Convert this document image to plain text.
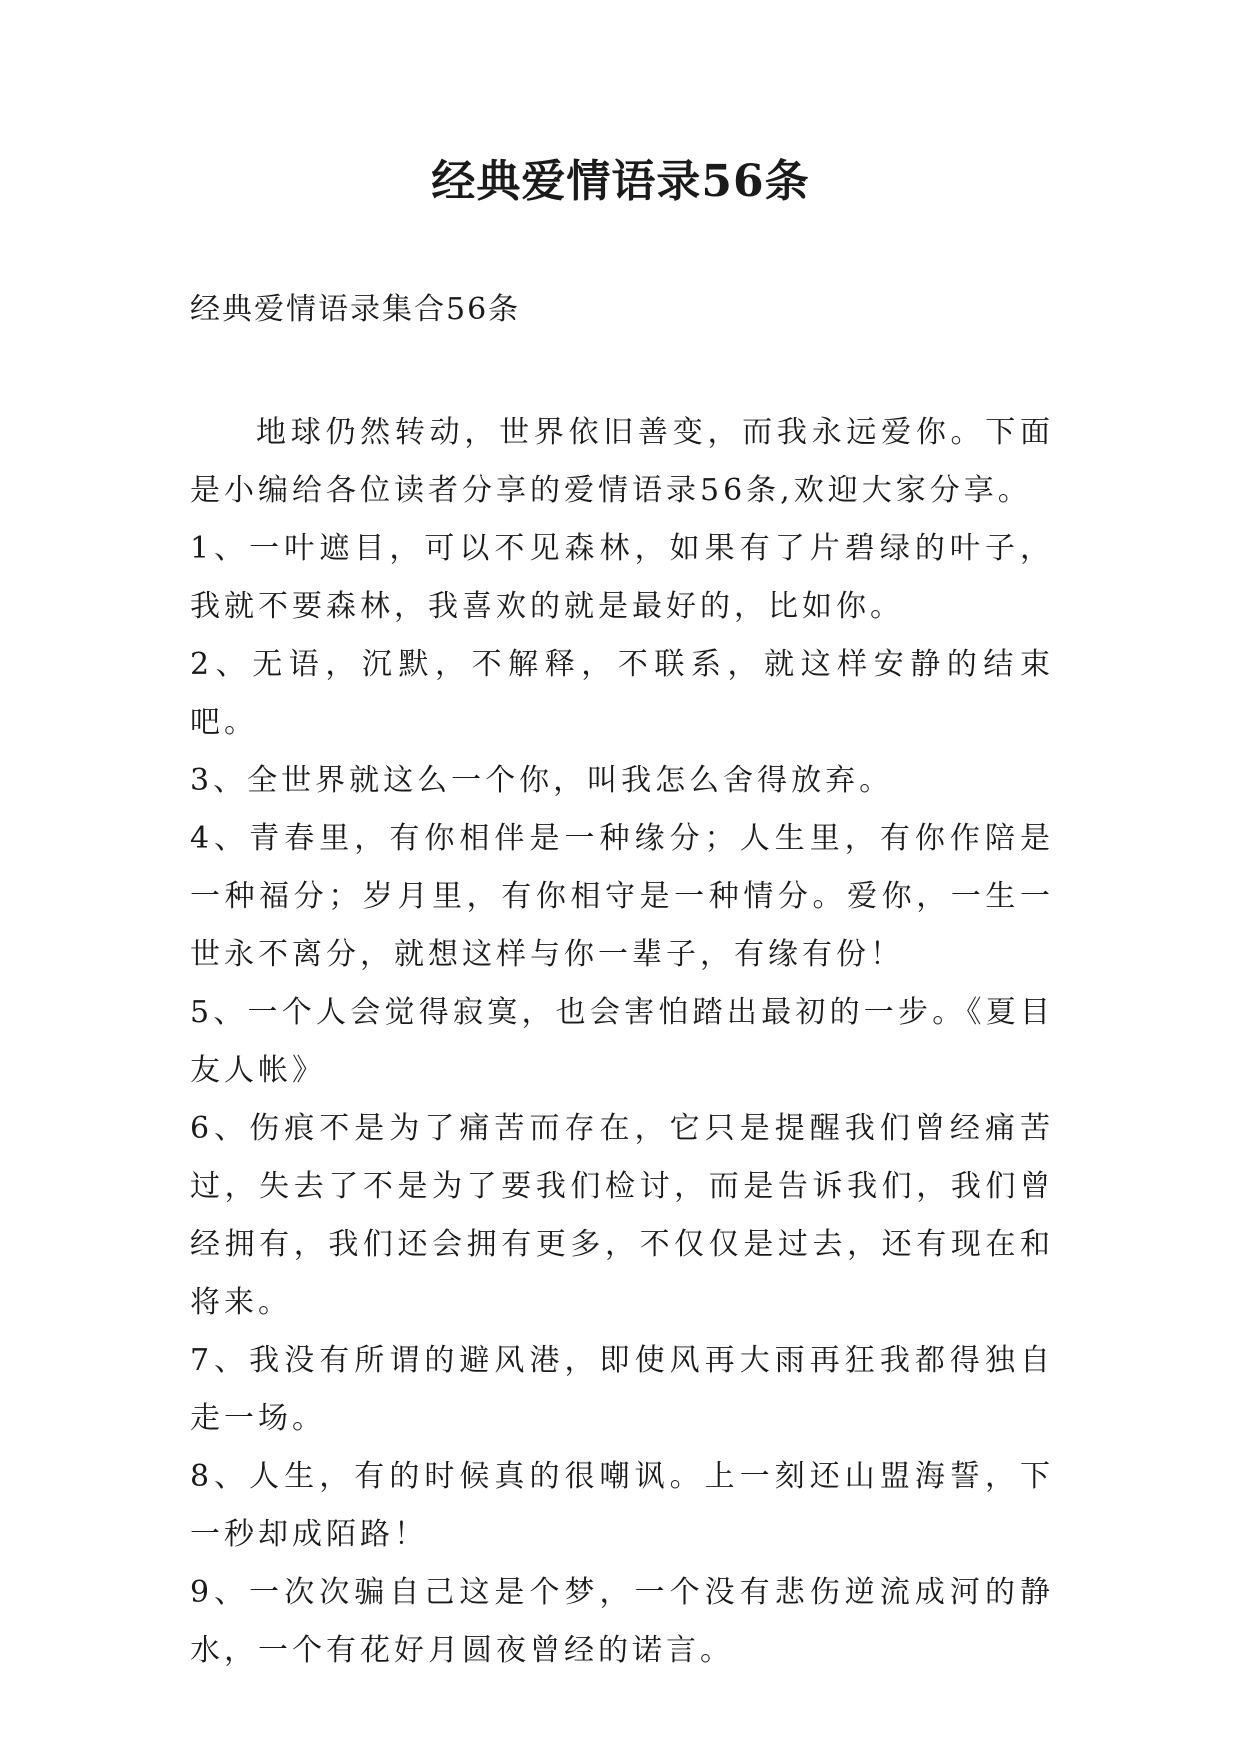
经典爱情语录56条

经典爱情语录集合56条

地球仍然转动，世界依旧善变，而我永远爱你。下面是小编给各位读者分享的爱情语录56条,欢迎大家分享。

1、一叶遮目，可以不见森林，如果有了片碧绿的叶子，我就不要森林，我喜欢的就是最好的，比如你。

2、无语，沉默，不解释，不联系，就这样安静的结束吧。

3、全世界就这么一个你，叫我怎么舍得放弃。

4、青春里，有你相伴是一种缘分；人生里，有你作陪是一种福分；岁月里，有你相守是一种情分。爱你，一生一世永不离分，就想这样与你一辈子，有缘有份！

5、一个人会觉得寂寞，也会害怕踏出最初的一步。《夏目友人帐》

6、伤痕不是为了痛苦而存在，它只是提醒我们曾经痛苦过，失去了不是为了要我们检讨，而是告诉我们，我们曾经拥有，我们还会拥有更多，不仅仅是过去，还有现在和将来。

7、我没有所谓的避风港，即使风再大雨再狂我都得独自走一场。

8、人生，有的时候真的很嘲讽。上一刻还山盟海誓，下一秒却成陌路！

9、一次次骗自己这是个梦，一个没有悲伤逆流成河的静水，一个有花好月圆夜曾经的诺言。
